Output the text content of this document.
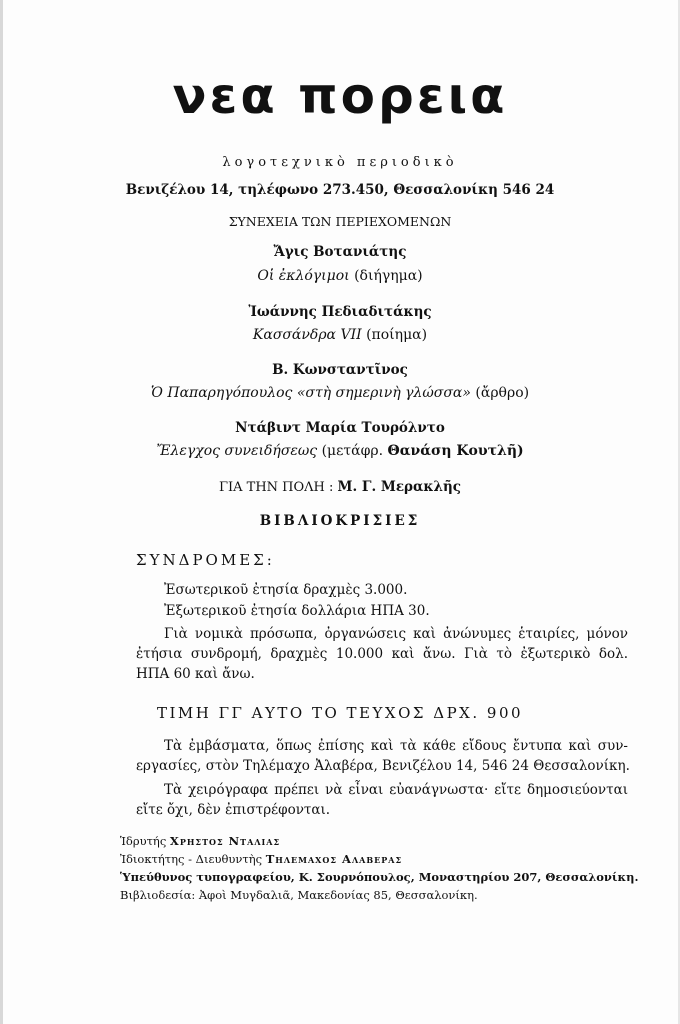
νεα πορεια
λογοτεχνικὸ περιοδικὸ
Βενιζέλου 14, τηλέφωνο 273.450, Θεσσαλονίκη 546 24
ΣΥΝΕΧΕΙΑ ΤΩΝ ΠΕΡΙΕΧΟΜΕΝΩΝ
Ἄγις Βοτανιάτης
Οἱ ἐκλόγιμοι (διήγημα)
Ἰωάννης Πεδιαδιτάκης
Κασσάνδρα VII (ποίημα)
Β. Κωνσταντῖνος
Ὁ Παπαρηγόπουλος «στὴ σημερινὴ γλώσσα» (ἄρθρο)
Ντάβιντ Μαρία Τουρόλντο
Ἔλεγχος συνειδήσεως (μετάφρ. Θανάση Κουτλῆ)
ΓΙΑ ΤΗΝ ΠΟΛΗ : Μ. Γ. Μερακλῆς
ΒΙΒΛΙΟΚΡΙΣΙΕΣ
ΣΥΝΔΡΟΜΕΣ:
Ἐσωτερικοῦ ἐτησία δραχμὲς 3.000.
Ἐξωτερικοῦ ἐτησία δολλάρια ΗΠΑ 30.
Γιὰ νομικὰ πρόσωπα, ὀργανώσεις καὶ ἀνώνυμες ἑταιρίες, μόνον
ἐτήσια συνδρομή, δραχμὲς 10.000 καὶ ἄνω. Γιὰ τὸ ἐξωτερικὸ δολ.
ΗΠΑ 60 καὶ ἄνω.
ΤΙΜΗ ΓΓ ΑΥΤΟ ΤΟ ΤΕΥΧΟΣ ΔΡΧ. 900
Τὰ ἐμβάσματα, ὅπως ἐπίσης καὶ τὰ κάθε εἴδους ἔντυπα καὶ συν-
εργασίες, στὸν Τηλέμαχο Ἀλαβέρα, Βενιζέλου 14, 546 24 Θεσσαλονίκη.
Τὰ χειρόγραφα πρέπει νὰ εἶναι εὐανάγνωστα· εἴτε δημοσιεύονται
εἴτε ὄχι, δὲν ἐπιστρέφονται.
Ἱδρυτής Χρηστος Νταλιας
Ἰδιοκτήτης - Διευθυντὴς Τηλεμαχος Αλαβερας
Ὑπεύθυνος τυπογραφείου, Κ. Σουρνόπουλος, Μοναστηρίου 207, Θεσσαλονίκη.
Βιβλιοδεσία: Ἀφοὶ Μυγδαλιᾶ, Μακεδονίας 85, Θεσσαλονίκη.
